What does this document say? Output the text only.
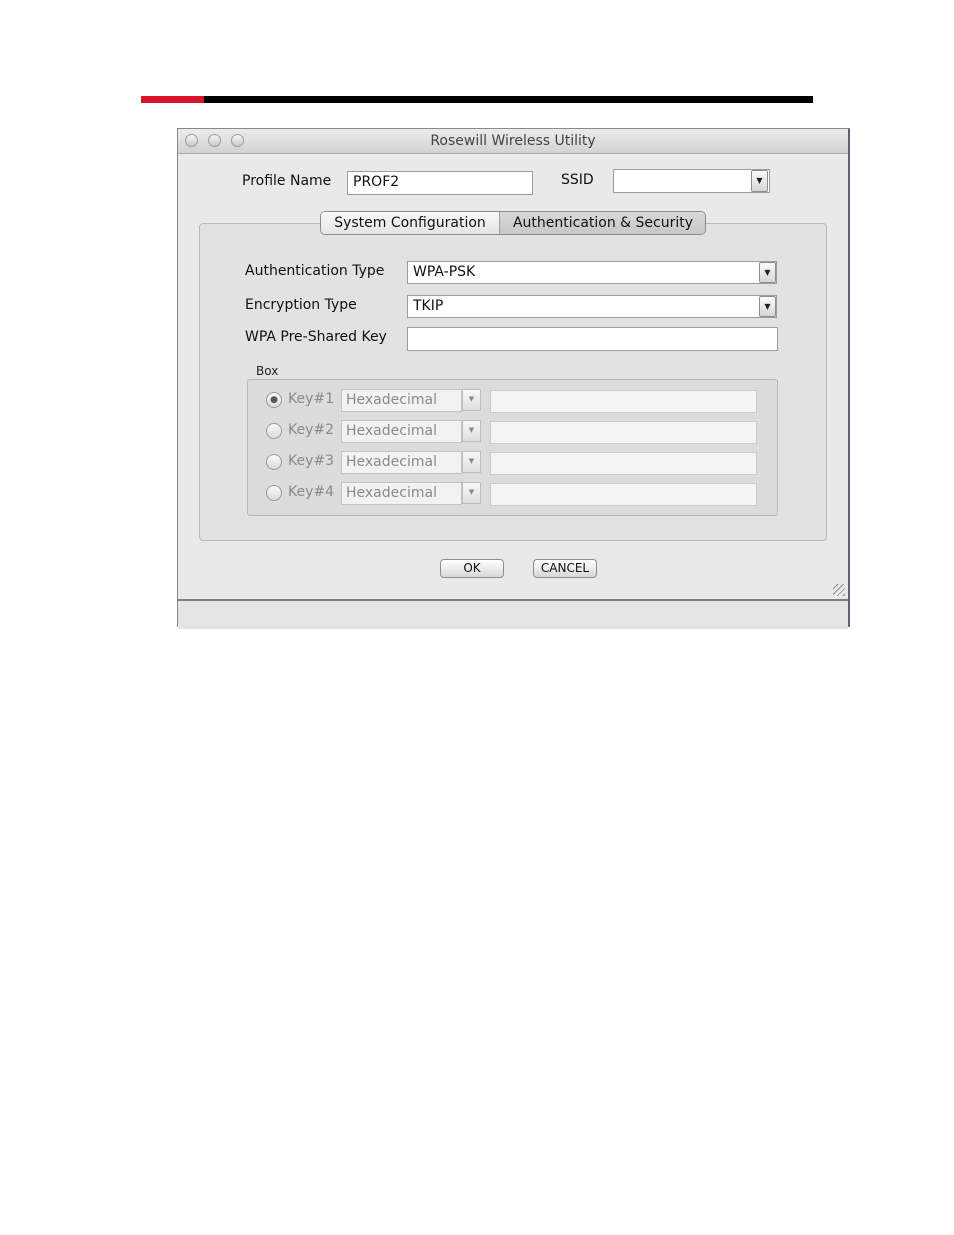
Rosewill Wireless Utility
Profile Name	PROF2	SSID	▼
System Configuration	Authentication & Security
Authentication Type	WPA-PSK	▼
Encryption Type	TKIP	▼
WPA Pre-Shared Key
Box
● Key#1 Hexadecimal	▼
Key#2 Hexadecimal	▼
Key#3 Hexadecimal	▼
Key#4 Hexadecimal	▼
OK	CANCEL
